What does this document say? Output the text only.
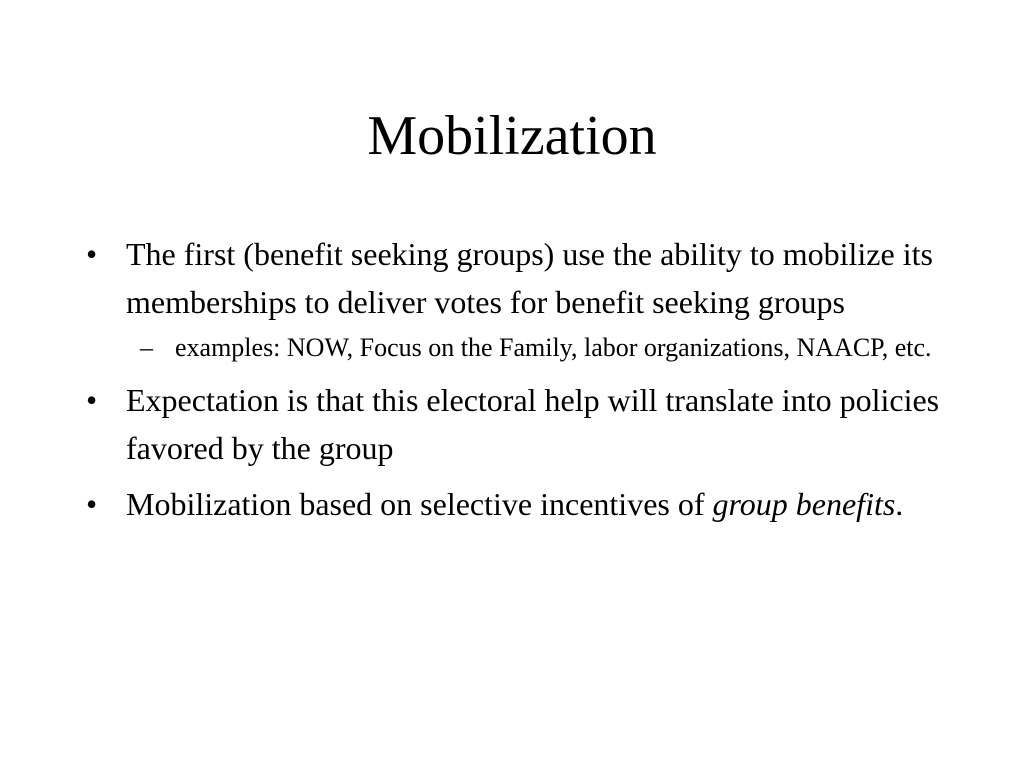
Mobilization
• The first (benefit seeking groups) use the ability to mobilize its memberships to deliver votes for benefit seeking groups
– examples: NOW, Focus on the Family, labor organizations, NAACP, etc.
• Expectation is that this electoral help will translate into policies favored by the group
• Mobilization based on selective incentives of group benefits.
